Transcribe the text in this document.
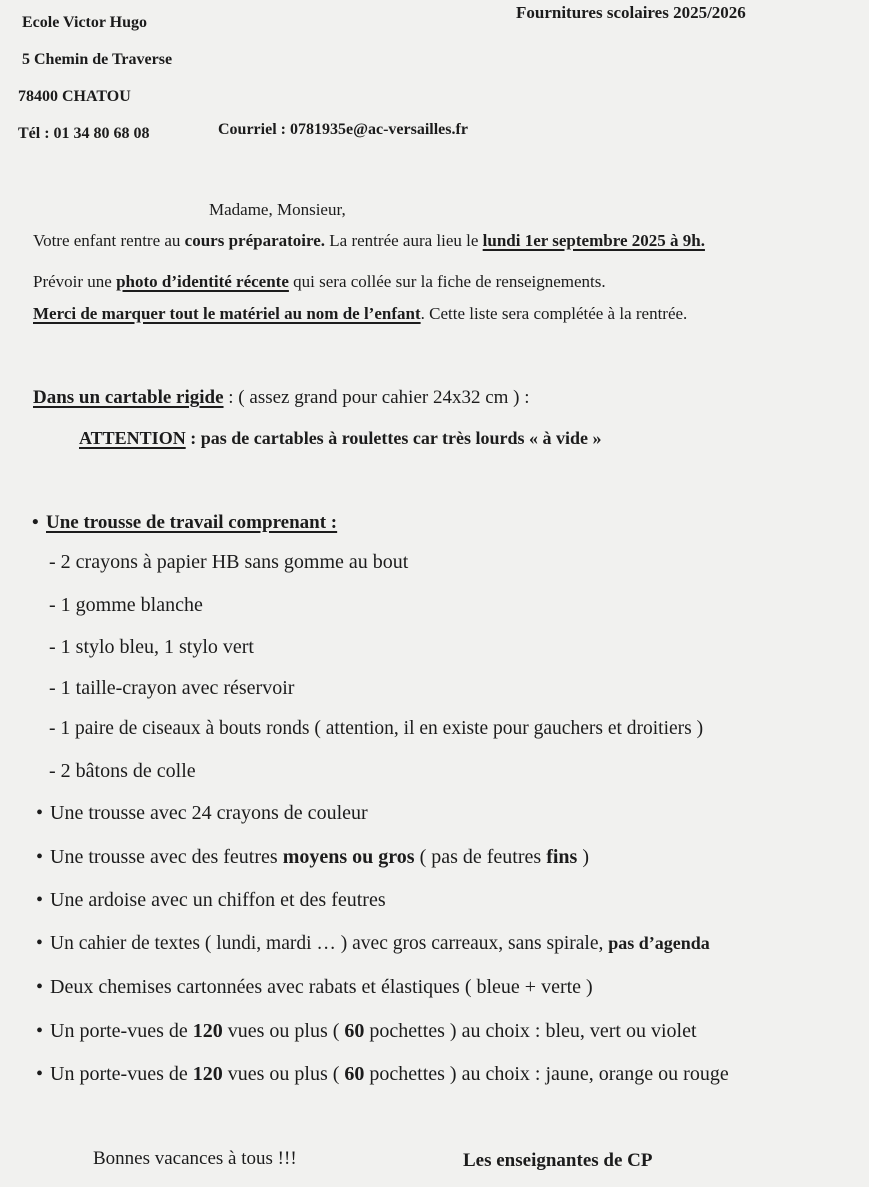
Ecole Victor Hugo
Fournitures scolaires 2025/2026
5 Chemin de Traverse
78400 CHATOU
Tél : 01 34 80 68 08	Courriel : 0781935e@ac-versailles.fr
Madame, Monsieur,
Votre enfant rentre au cours préparatoire. La rentrée aura lieu le lundi 1er septembre 2025 à 9h.
Prévoir une photo d’identité récente qui sera collée sur la fiche de renseignements.
Merci de marquer tout le matériel au nom de l’enfant. Cette liste sera complétée à la rentrée.
Dans un cartable rigide : ( assez grand pour cahier 24x32 cm ) :
ATTENTION : pas de cartables à roulettes car très lourds « à vide »
• Une trousse de travail comprenant :
- 2 crayons à papier HB sans gomme au bout
- 1 gomme blanche
- 1 stylo bleu, 1 stylo vert
- 1 taille-crayon avec réservoir
- 1 paire de ciseaux à bouts ronds ( attention, il en existe pour gauchers et droitiers )
- 2 bâtons de colle
• Une trousse avec 24 crayons de couleur
• Une trousse avec des feutres moyens ou gros ( pas de feutres fins )
• Une ardoise avec un chiffon et des feutres
• Un cahier de textes ( lundi, mardi … ) avec gros carreaux, sans spirale, pas d’agenda
• Deux chemises cartonnées avec rabats et élastiques ( bleue + verte )
• Un porte-vues de 120 vues ou plus ( 60 pochettes ) au choix : bleu, vert ou violet
• Un porte-vues de 120 vues ou plus ( 60 pochettes ) au choix : jaune, orange ou rouge
Bonnes vacances à tous !!!	Les enseignantes de CP
